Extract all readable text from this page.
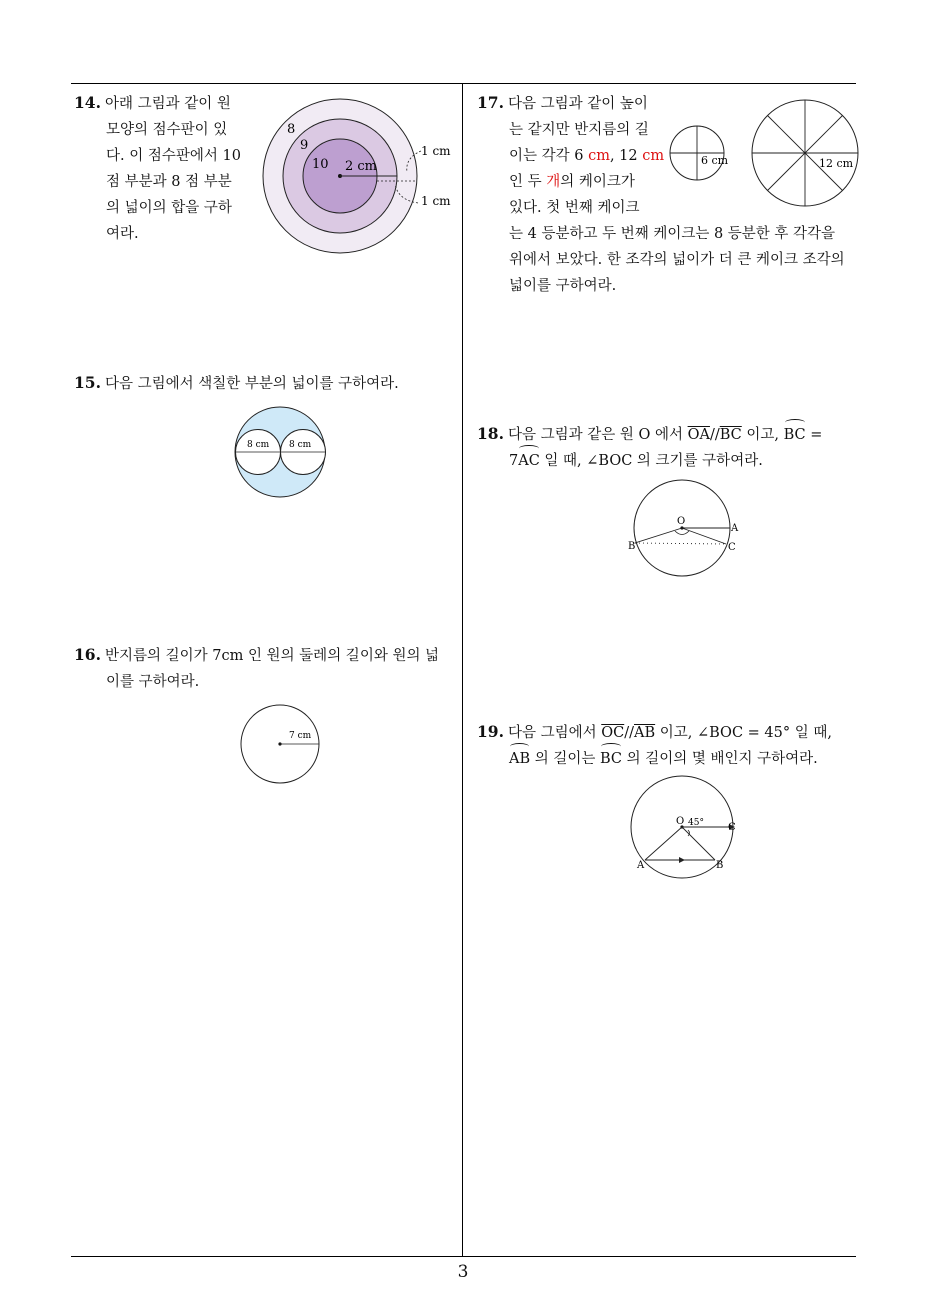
14. 아래 그림과 같이 원
모양의 점수판이 있
다. 이 점수판에서 10
점 부분과 8 점 부분
의 넓이의 합을 구하
여라.
8
9
10 2 cm
1 cm
1 cm
15. 다음 그림에서 색칠한 부분의 넓이를 구하여라.
8 cm 8 cm
16. 반지름의 길이가 7cm 인 원의 둘레의 길이와 원의 넓
이를 구하여라.
7 cm
17. 다음 그림과 같이 높이
는 같지만 반지름의 길
이는 각각 6 cm, 12 cm
인 두 개의 케이크가
있다. 첫 번째 케이크
는 4 등분하고 두 번째 케이크는 8 등분한 후 각각을
위에서 보았다. 한 조각의 넓이가 더 큰 케이크 조각의
넓이를 구하여라.
6 cm	12 cm
18. 다음 그림과 같은 원 O 에서 $\overline{OA}//\overline{BC}$ 이고, BC =
7AC 일 때, ∠BOC 의 크기를 구하여라.
O
A
B	C
19. 다음 그림에서 $\overline{OC}//\overline{AB}$ 이고, ∠BOC = 45° 일 때,
AB 의 길이는 BC 의 길이의 몇 배인지 구하여라.
O 45° C
A	B
3
